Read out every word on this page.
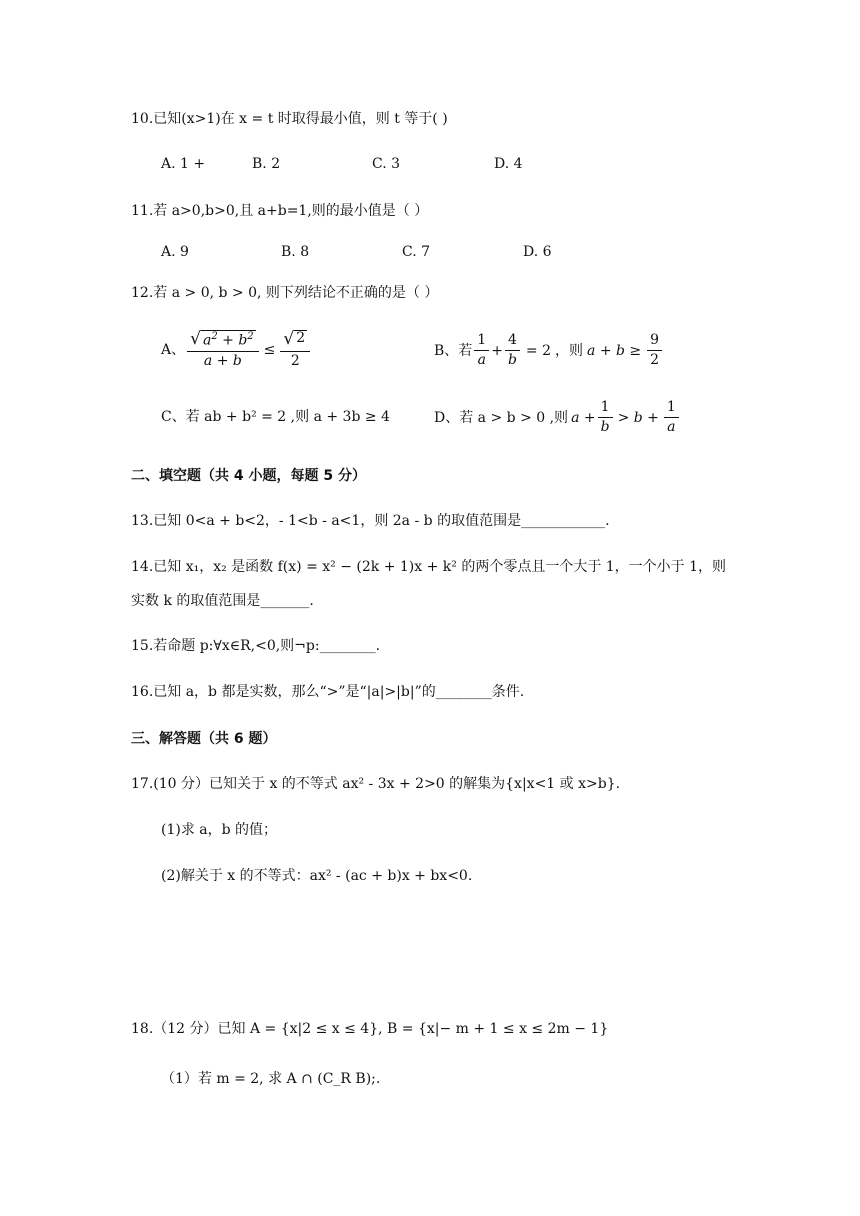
10.已知(x>1)在 x = t 时取得最小值，则 t 等于( )
A. 1 +	B. 2	C. 3	D. 4
11.若 a>0,b>0,且 a+b=1,则的最小值是（ ）
A. 9	B. 8	C. 7	D. 6
12.若 a > 0, b > 0, 则下列结论不正确的是（ ）
A、 $\frac{√ a^2 + b^2}{a + b} \le \frac{√ 2}{2}$	B、若 $\frac{1}{a} + \frac{4}{b} = 2$ ，则 $a + b \ge \frac{9}{2}$
C、若 ab + b² = 2 ,则 a + 3b ≥ 4	D、若 a > b > 0 ,则 $a + \frac{1}{b} > b + \frac{1}{a}$
二、填空题（共 4 小题，每题 5 分）
13.已知 0<a + b<2，- 1<b - a<1，则 2a - b 的取值范围是____________.
14.已知 x₁，x₂ 是函数 f(x) = x² − (2k + 1)x + k² 的两个零点且一个大于 1，一个小于 1，则
实数 k 的取值范围是_______.
15.若命题 p:∀x∈R,<0,则¬p:________.
16.已知 a，b 都是实数，那么“>”是“|a|>|b|”的________条件.
三、解答题（共 6 题）
17.(10 分）已知关于 x 的不等式 ax² - 3x + 2>0 的解集为{x|x<1 或 x>b}.
(1)求 a，b 的值；
(2)解关于 x 的不等式：ax² - (ac + b)x + bx<0.
18.（12 分）已知 A = {x|2 ≤ x ≤ 4}, B = {x|− m + 1 ≤ x ≤ 2m − 1}
（1）若 m = 2, 求 A ∩ (C_R B);.
